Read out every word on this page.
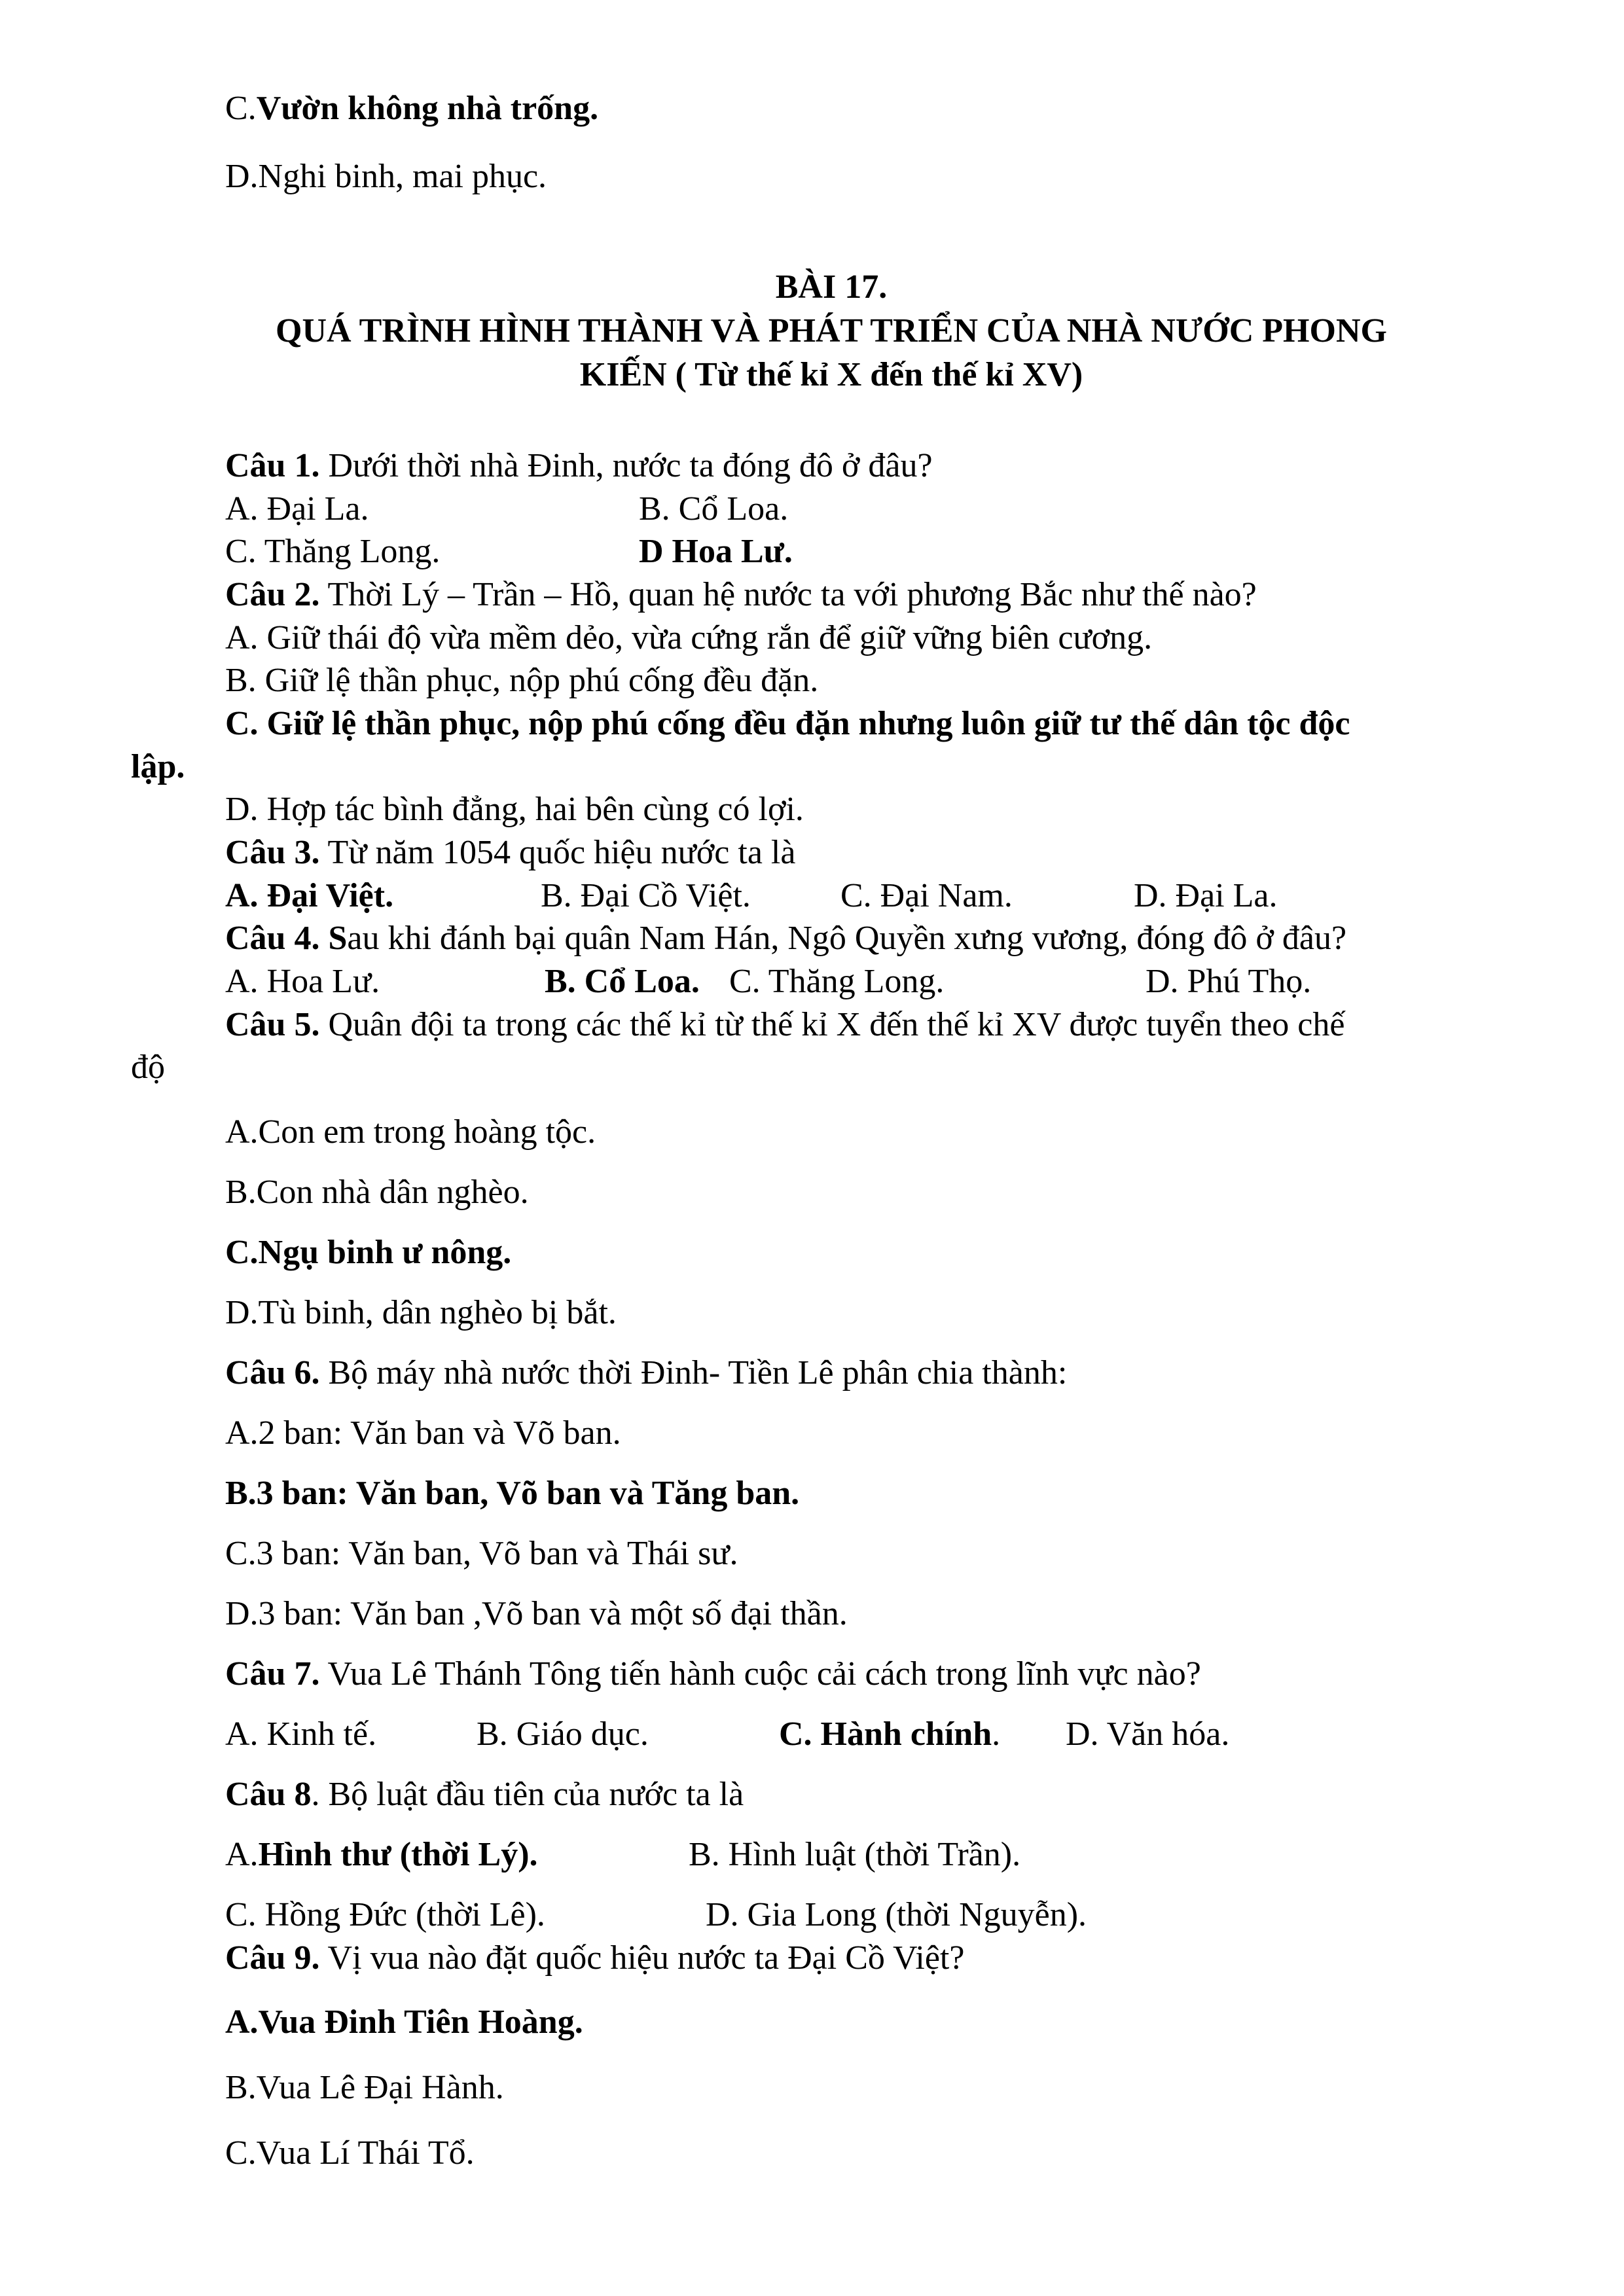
C.Vườn không nhà trống.
D.Nghi binh, mai phục.
BÀI 17.
QUÁ TRÌNH HÌNH THÀNH VÀ PHÁT TRIỂN CỦA NHÀ NƯỚC PHONG
KIẾN ( Từ thế kỉ X đến thế kỉ XV)
Câu 1. Dưới thời nhà Đinh, nước ta đóng đô ở đâu?
A. Đại La.	B. Cổ Loa.
C. Thăng Long.	D Hoa Lư.
Câu 2. Thời Lý – Trần – Hồ, quan hệ nước ta với phương Bắc như thế nào?
A. Giữ thái độ vừa mềm dẻo, vừa cứng rắn để giữ vững biên cương.
B. Giữ lệ thần phục, nộp phú cống đều đặn.
C. Giữ lệ thần phục, nộp phú cống đều đặn nhưng luôn giữ tư thế dân tộc độc
lập.
D. Hợp tác bình đẳng, hai bên cùng có lợi.
Câu 3. Từ năm 1054 quốc hiệu nước ta là
A. Đại Việt.	B. Đại Cồ Việt.	C. Đại Nam.	D. Đại La.
Câu 4. Sau khi đánh bại quân Nam Hán, Ngô Quyền xưng vương, đóng đô ở đâu?
A. Hoa Lư.	B. Cổ Loa. C. Thăng Long.	D. Phú Thọ.
Câu 5. Quân đội ta trong các thế kỉ từ thế kỉ X đến thế kỉ XV được tuyển theo chế
độ
A.Con em trong hoàng tộc.
B.Con nhà dân nghèo.
C.Ngụ binh ư nông.
D.Tù binh, dân nghèo bị bắt.
Câu 6. Bộ máy nhà nước thời Đinh- Tiền Lê phân chia thành:
A.2 ban: Văn ban và Võ ban.
B.3 ban: Văn ban, Võ ban và Tăng ban.
C.3 ban: Văn ban, Võ ban và Thái sư.
D.3 ban: Văn ban ,Võ ban và một số đại thần.
Câu 7. Vua Lê Thánh Tông tiến hành cuộc cải cách trong lĩnh vực nào?
A. Kinh tế.	B. Giáo dục.	C. Hành chính. D. Văn hóa.
Câu 8. Bộ luật đầu tiên của nước ta là
A.Hình thư (thời Lý).	B. Hình luật (thời Trần).
C. Hồng Đức (thời Lê).	D. Gia Long (thời Nguyễn).
Câu 9. Vị vua nào đặt quốc hiệu nước ta Đại Cồ Việt?
A.Vua Đinh Tiên Hoàng.
B.Vua Lê Đại Hành.
C.Vua Lí Thái Tổ.
